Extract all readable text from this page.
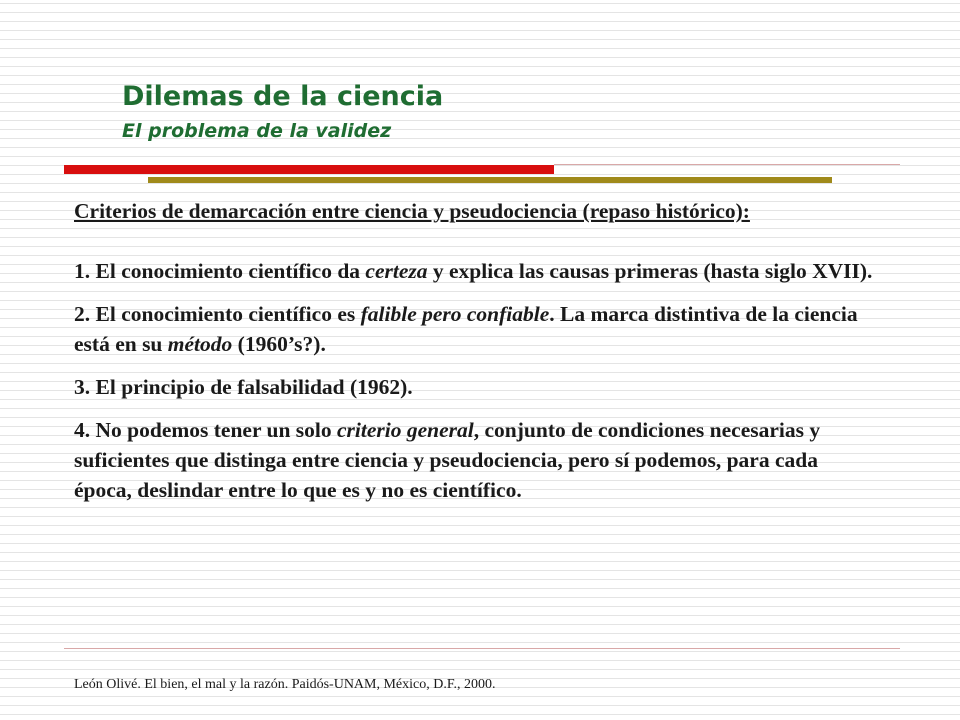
Dilemas de la ciencia
El problema de la validez

Criterios de demarcación entre ciencia y pseudociencia (repaso histórico):

1. El conocimiento científico da certeza y explica las causas primeras (hasta siglo XVII).

2. El conocimiento científico es falible pero confiable. La marca distintiva de la ciencia está en su método (1960’s?).

3. El principio de falsabilidad (1962).

4. No podemos tener un solo criterio general, conjunto de condiciones necesarias y suficientes que distinga entre ciencia y pseudociencia, pero sí podemos, para cada época, deslindar entre lo que es y no es científico.

León Olivé. El bien, el mal y la razón. Paidós-UNAM, México, D.F., 2000.
